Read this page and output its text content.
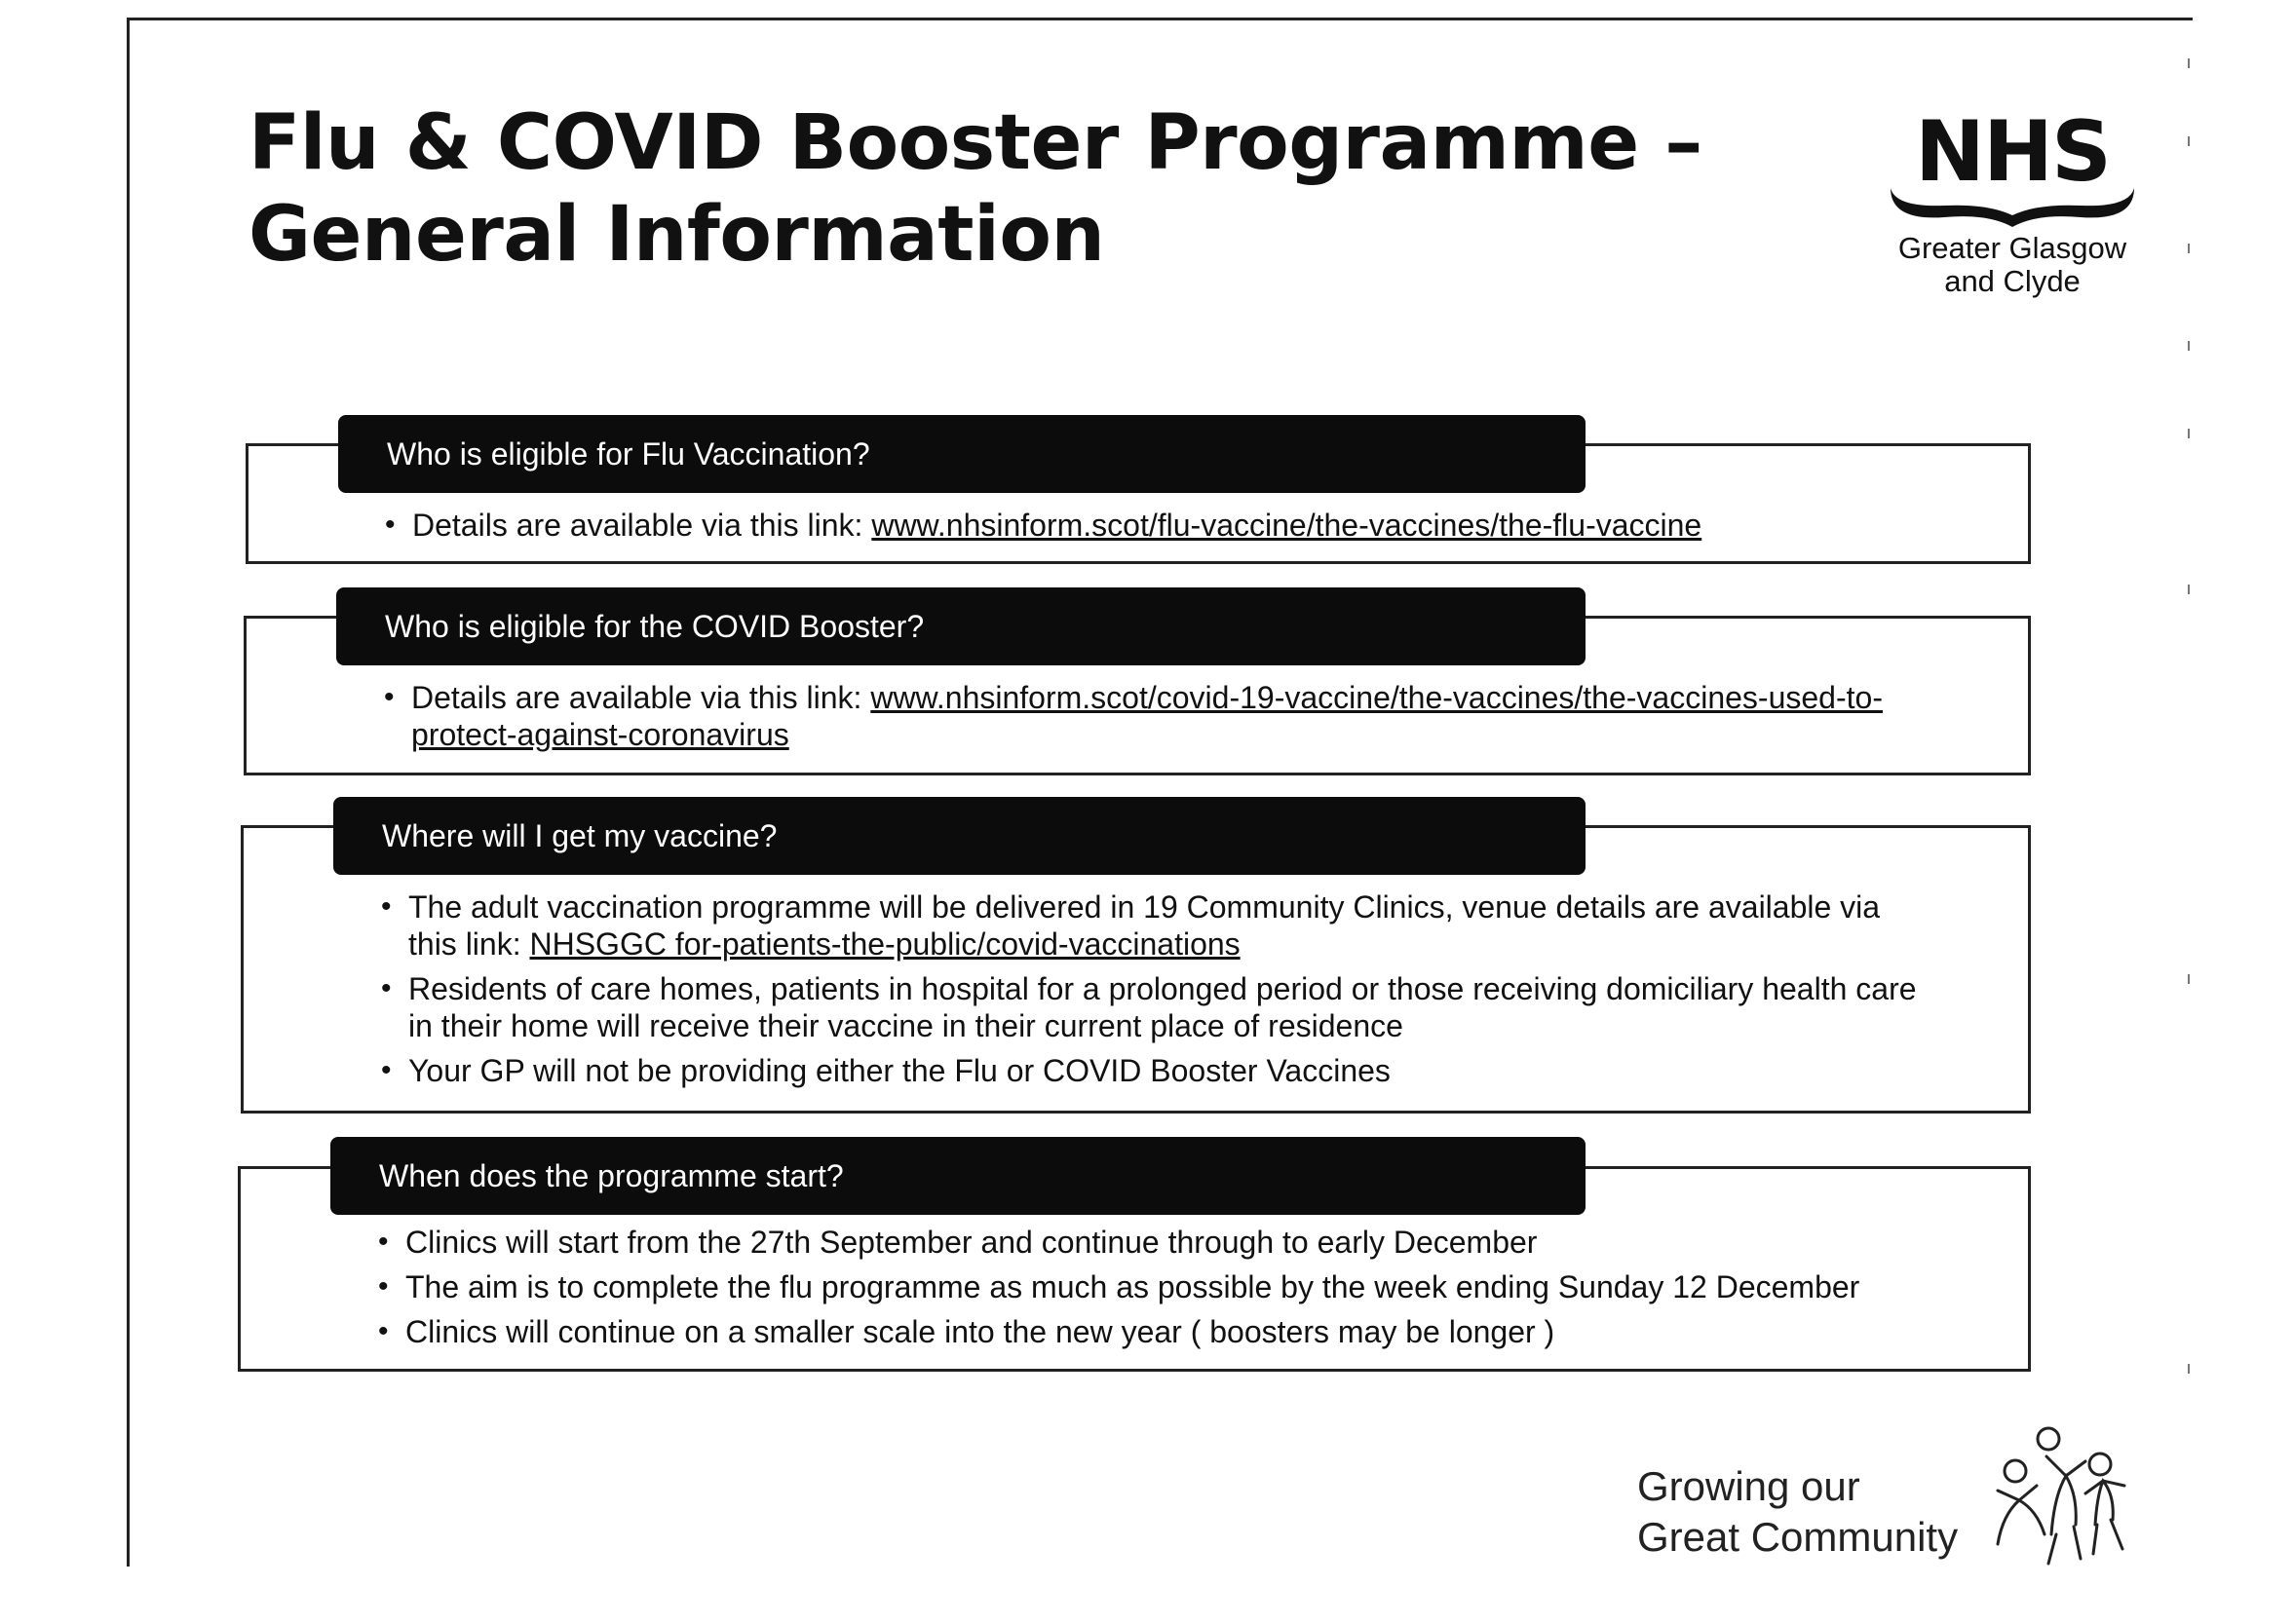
Flu & COVID Booster Programme –
General Information
NHS
Greater Glasgow
and Clyde
Who is eligible for Flu Vaccination?
• Details are available via this link: www.nhsinform.scot/flu-vaccine/the-vaccines/the-flu-vaccine
Who is eligible for the COVID Booster?
• Details are available via this link: www.nhsinform.scot/covid-19-vaccine/the-vaccines/the-vaccines-used-to-protect-against-coronavirus
Where will I get my vaccine?
• The adult vaccination programme will be delivered in 19 Community Clinics, venue details are available via this link: NHSGGC for-patients-the-public/covid-vaccinations
• Residents of care homes, patients in hospital for a prolonged period or those receiving domiciliary health care in their home will receive their vaccine in their current place of residence
• Your GP will not be providing either the Flu or COVID Booster Vaccines
When does the programme start?
• Clinics will start from the 27th September and continue through to early December
• The aim is to complete the flu programme as much as possible by the week ending Sunday 12 December
• Clinics will continue on a smaller scale into the new year ( boosters may be longer )
Growing our
Great Community
